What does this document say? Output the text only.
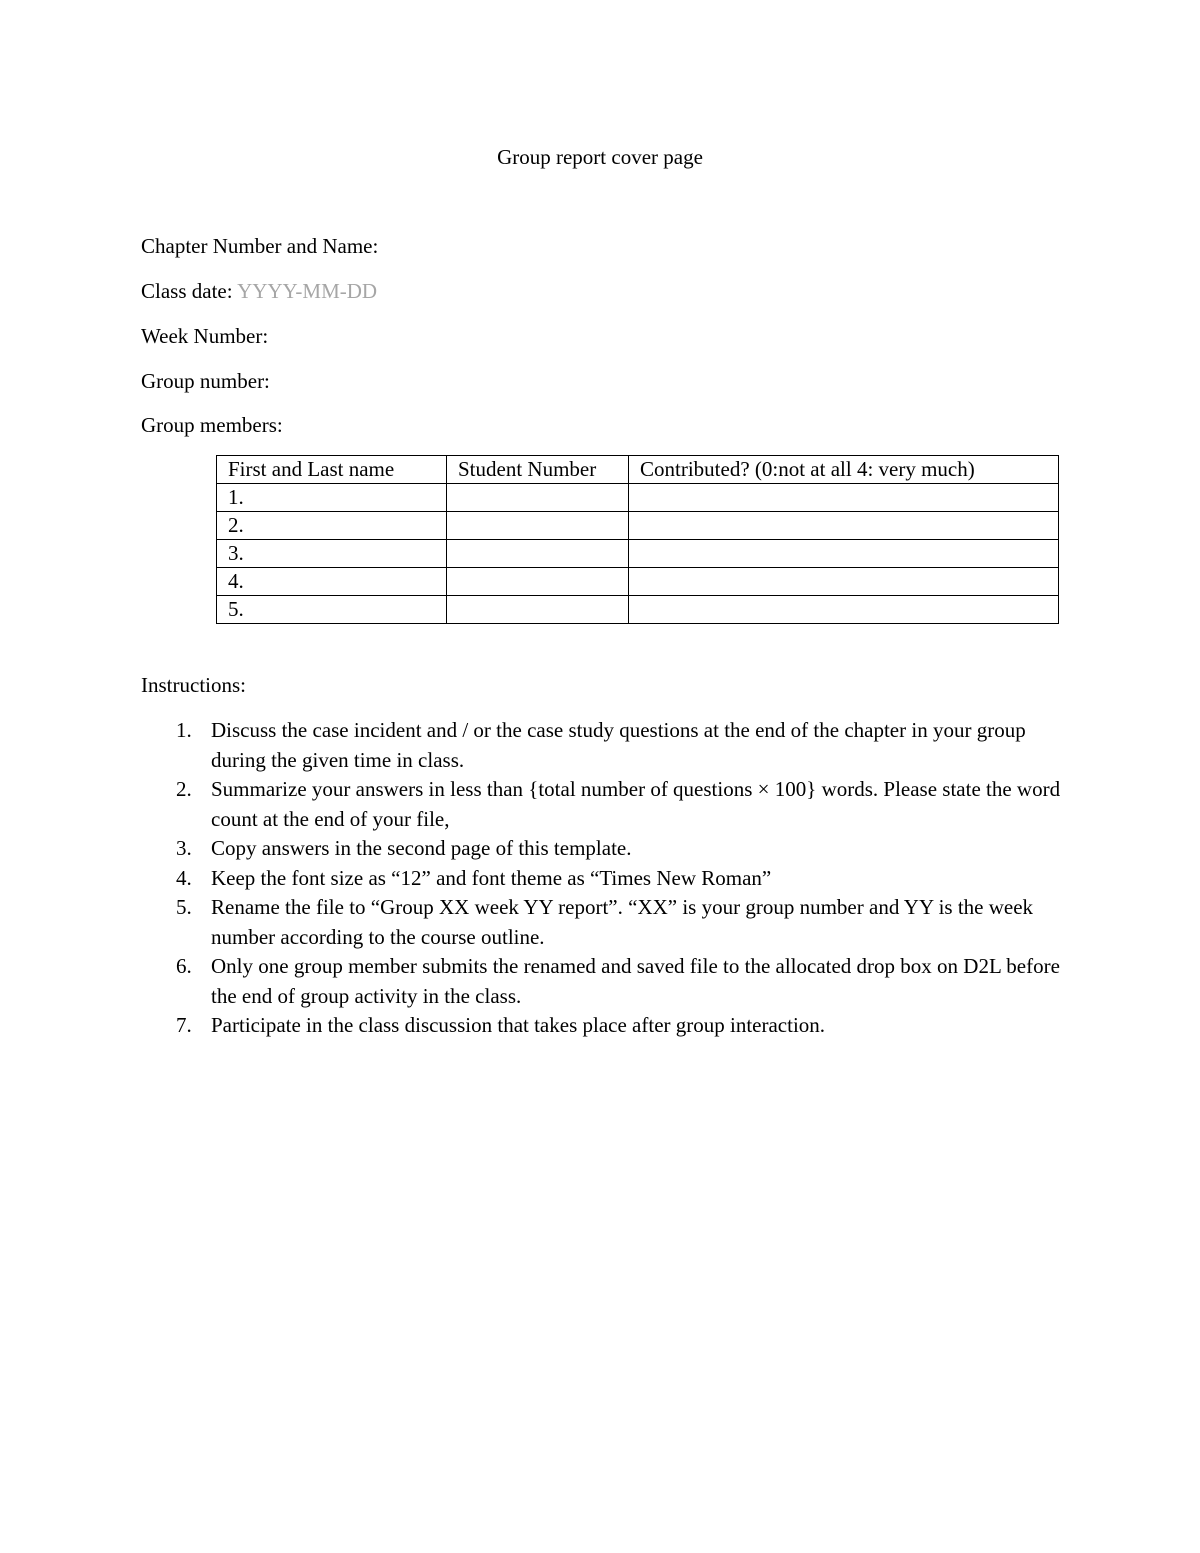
Group report cover page
Chapter Number and Name:
Class date: YYYY-MM-DD
Week Number:
Group number:
Group members:
First and Last name	Student Number	Contributed? (0:not at all 4: very much)
1.		
2.		
3.		
4.		
5.		
Instructions:
1. Discuss the case incident and / or the case study questions at the end of the chapter in your group during the given time in class.
2. Summarize your answers in less than {total number of questions × 100} words. Please state the word count at the end of your file,
3. Copy answers in the second page of this template.
4. Keep the font size as “12” and font theme as “Times New Roman”
5. Rename the file to “Group XX week YY report”. “XX” is your group number and YY is the week number according to the course outline.
6. Only one group member submits the renamed and saved file to the allocated drop box on D2L before the end of group activity in the class.
7. Participate in the class discussion that takes place after group interaction.
